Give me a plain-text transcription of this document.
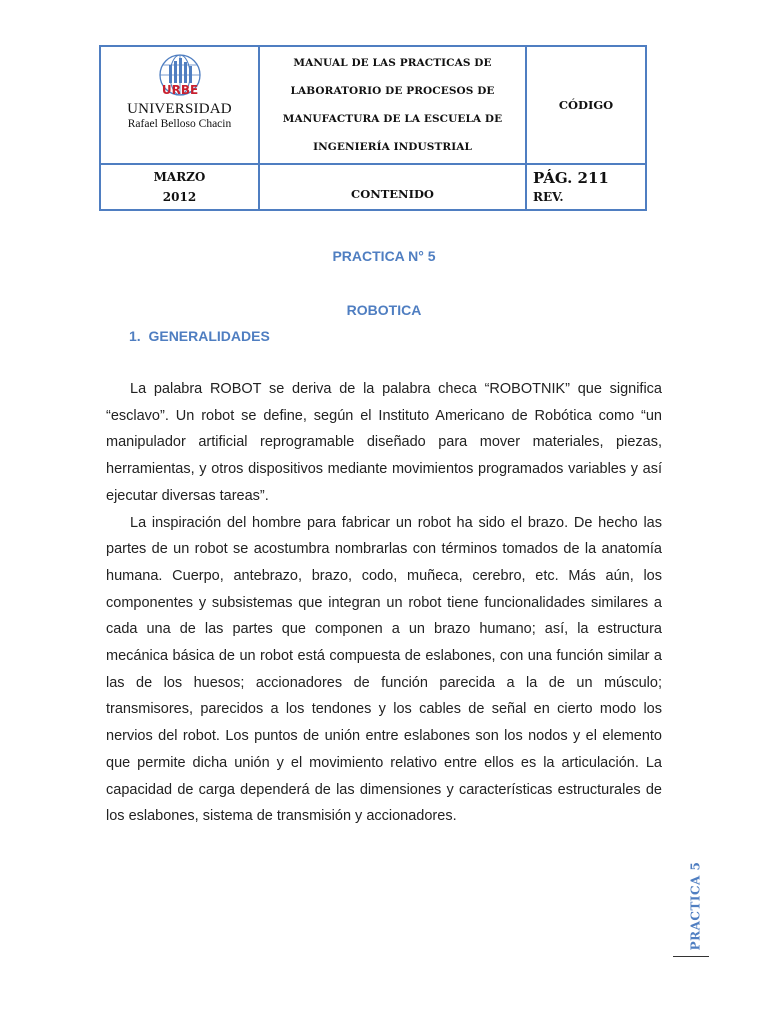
URBE
UNIVERSIDAD
Rafael Belloso Chacin
MANUAL DE LAS PRACTICAS DE
LABORATORIO DE PROCESOS DE
MANUFACTURA DE LA ESCUELA DE
INGENIERÍA INDUSTRIAL
CÓDIGO
MARZO
2012	CONTENIDO
PÁG. 211
REV.
PRACTICA N° 5
ROBOTICA
1. GENERALIDADES

La palabra ROBOT se deriva de la palabra checa “ROBOTNIK” que significa “esclavo”. Un robot se define, según el Instituto Americano de Robótica como “un manipulador artificial reprogramable diseñado para mover materiales, piezas, herramientas, y otros dispositivos mediante movimientos programados variables y así ejecutar diversas tareas”.

La inspiración del hombre para fabricar un robot ha sido el brazo. De hecho las partes de un robot se acostumbra nombrarlas con términos tomados de la anatomía humana. Cuerpo, antebrazo, brazo, codo, muñeca, cerebro, etc. Más aún, los componentes y subsistemas que integran un robot tiene funcionalidades similares a cada una de las partes que componen a un brazo humano; así, la estructura mecánica básica de un robot está compuesta de eslabones, con una función similar a las de los huesos; accionadores de función parecida a la de un músculo; transmisores, parecidos a los tendones y los cables de señal en cierto modo los nervios del robot. Los puntos de unión entre eslabones son los nodos y el elemento que permite dicha unión y el movimiento relativo entre ellos es la articulación. La capacidad de carga dependerá de las dimensiones y características estructurales de los eslabones, sistema de transmisión y accionadores.

PRACTICA 5
